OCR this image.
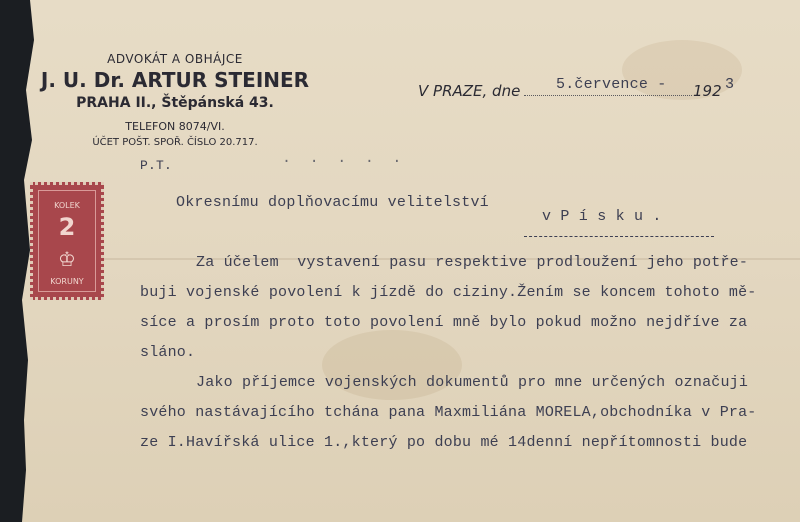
ADVOKÁT A OBHÁJCE
J. U. Dr. ARTUR STEINER
PRAHA II., Štěpánská 43.
TELEFON 8074/VI.
ÚČET POŠT. SPOŘ. ČÍSLO 20.717.
V PRAZE, dne	5.července - 192 3
P.T.	.  .  .  .  .
Okresnímu doplňovacímu velitelství
v P í s k u .
KOLEK
2
♔
KORUNY
Za účelem  vystavení pasu respektive prodloužení jeho potře-
buji vojenské povolení k jízdě do ciziny.Žením se koncem tohoto mě-
síce a prosím proto toto povolení mně bylo pokud možno nejdříve za
sláno.
Jako příjemce vojenských dokumentů pro mne určených označuji
svého nastávajícího tchána pana Maxmiliána MORELA,obchodníka v Pra-
ze I.Havířská ulice 1.,který po dobu mé 14denní nepřítomnosti bude
